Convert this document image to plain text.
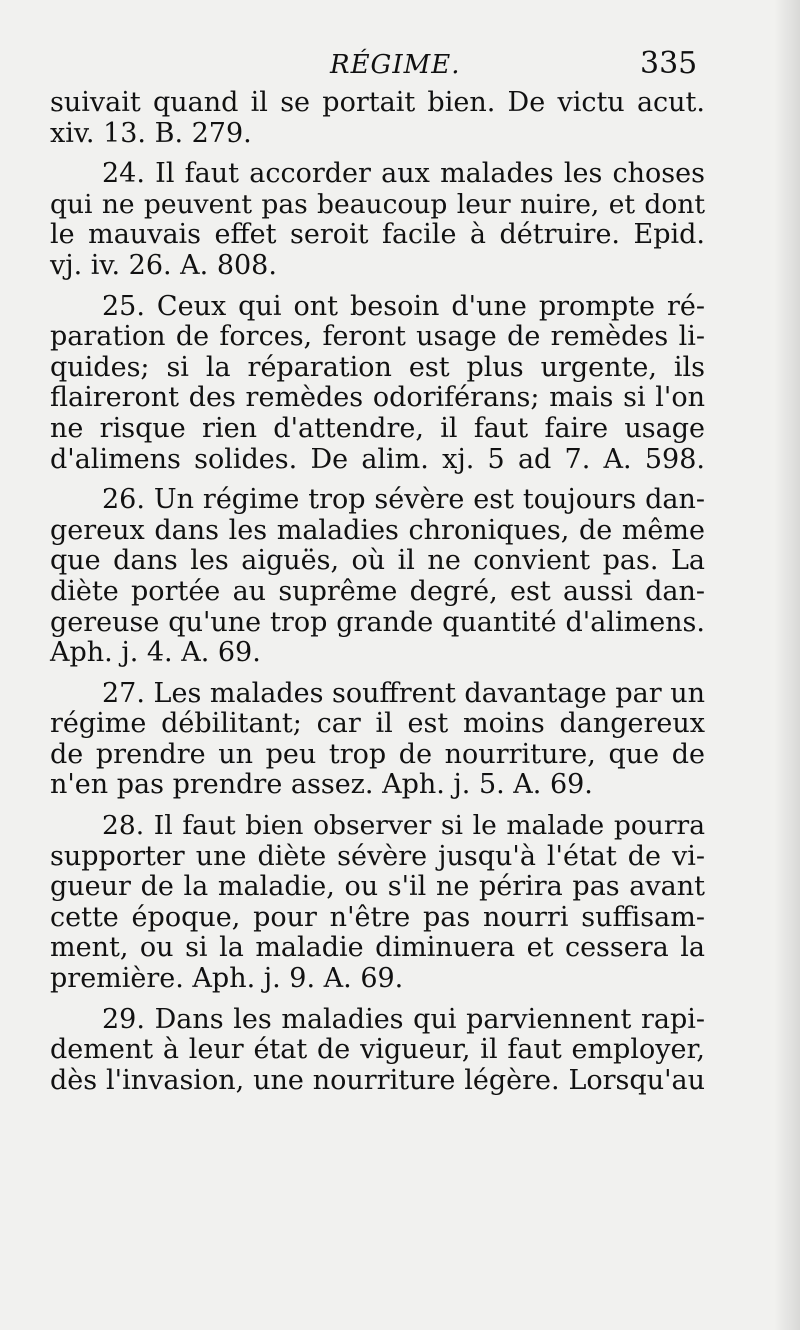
RÉGIME.	335
suivait quand il se portait bien. De victu acut.
xiv. 13. B. 279.
24. Il faut accorder aux malades les choses
qui ne peuvent pas beaucoup leur nuire, et dont
le mauvais effet seroit facile à détruire. Epid.
vj. iv. 26. A. 808.
25. Ceux qui ont besoin d'une prompte ré-
paration de forces, feront usage de remèdes li-
quides; si la réparation est plus urgente, ils
flaireront des remèdes odoriférans; mais si l'on
ne risque rien d'attendre, il faut faire usage
d'alimens solides. De alim. xj. 5 ad 7. A. 598.
26. Un régime trop sévère est toujours dan-
gereux dans les maladies chroniques, de même
que dans les aiguës, où il ne convient pas. La
diète portée au suprême degré, est aussi dan-
gereuse qu'une trop grande quantité d'alimens.
Aph. j. 4. A. 69.
27. Les malades souffrent davantage par un
régime débilitant; car il est moins dangereux
de prendre un peu trop de nourriture, que de
n'en pas prendre assez. Aph. j. 5. A. 69.
28. Il faut bien observer si le malade pourra
supporter une diète sévère jusqu'à l'état de vi-
gueur de la maladie, ou s'il ne périra pas avant
cette époque, pour n'être pas nourri suffisam-
ment, ou si la maladie diminuera et cessera la
première. Aph. j. 9. A. 69.
29. Dans les maladies qui parviennent rapi-
dement à leur état de vigueur, il faut employer,
dès l'invasion, une nourriture légère. Lorsqu'au
